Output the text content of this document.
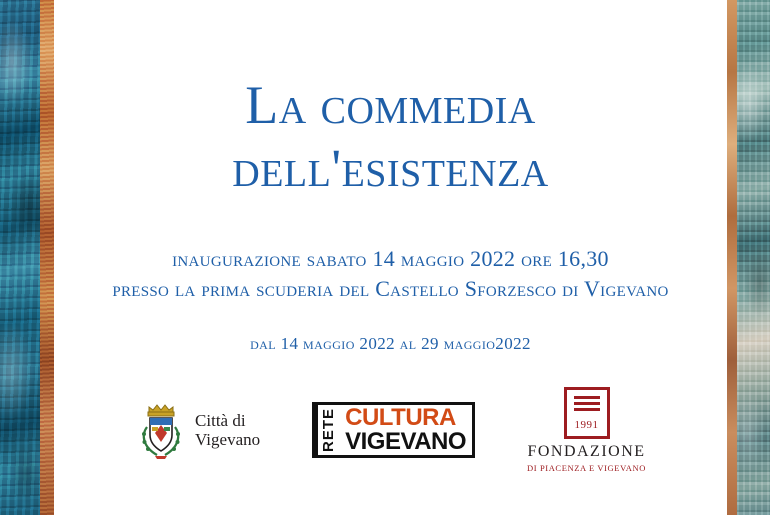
La commedia
dell'esistenza
inaugurazione sabato 14 maggio 2022 ore 16,30
presso la prima scuderia del Castello Sforzesco di Vigevano
dal 14 maggio 2022 al 29 maggio2022
Città di
Vigevano	RETE CULTURA
VIGEVANO
1991
FONDAZIONE
DI PIACENZA E VIGEVANO
